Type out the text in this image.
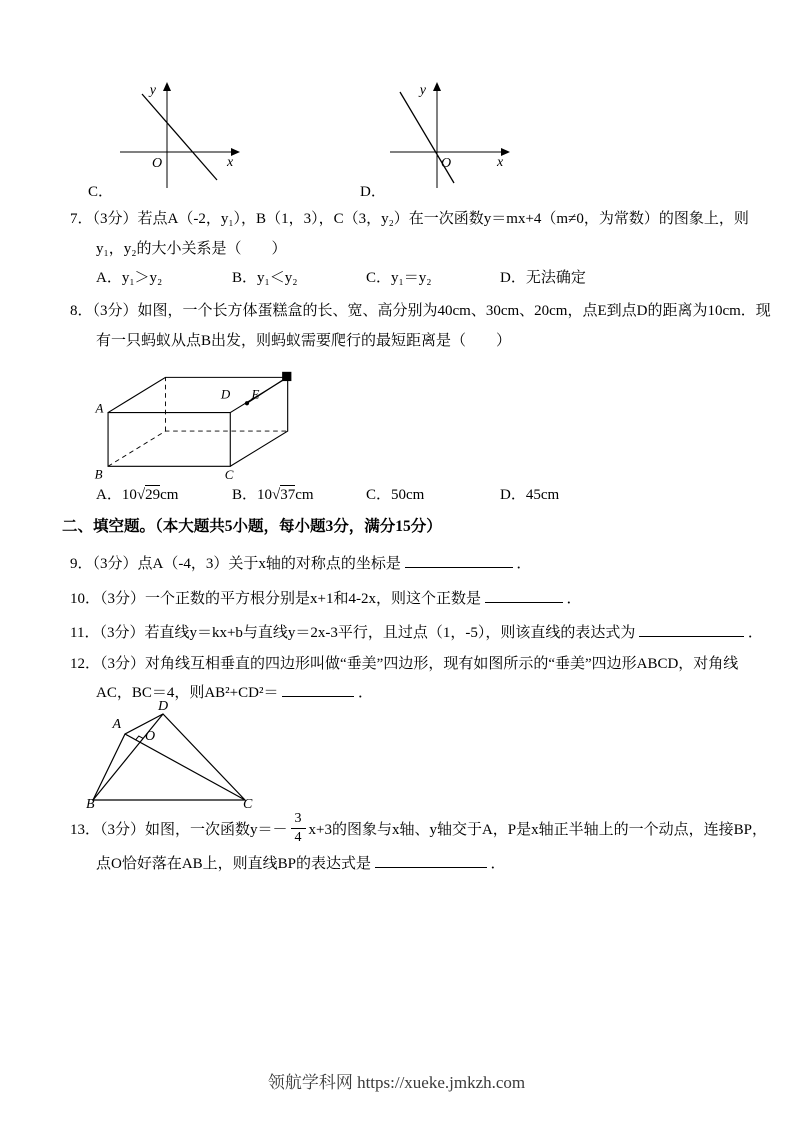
y
x
O
C．
y
x
O
D．
7．（3分）若点A（-2，y₁），B（1，3），C（3，y₂）在一次函数y＝mx+4（m≠0，为常数）的图象上，则
y₁，y₂的大小关系是（　　）
A．y₁＞y₂	B．y₁＜y₂	C．y₁＝y₂	D．无法确定
8．（3分）如图，一个长方体蛋糕盒的长、宽、高分别为40cm、30cm、20cm，点E到点D的距离为10cm．现
有一只蚂蚁从点B出发，则蚂蚁需要爬行的最短距离是（　　）
A
B	C
D E
A．10√29cm	B．10√37cm	C．50cm	D．45cm
二、填空题。（本大题共5小题，每小题3分，满分15分）
9．（3分）点A（-4，3）关于x轴的对称点的坐标是	．
10．（3分）一个正数的平方根分别是x+1和4-2x，则这个正数是	．
11．（3分）若直线y＝kx+b与直线y＝2x-3平行，且过点（1，-5），则该直线的表达式为	．
12．（3分）对角线互相垂直的四边形叫做“垂美”四边形，现有如图所示的“垂美”四边形ABCD，对角线
AC，BC＝4，则AB²+CD²＝	．
A
B	C
D
O
13．（3分）如图，一次函数$y=- \frac{3}{4} x+3$的图象与x轴、y轴交于A，P是x轴正半轴上的一个动点，连接BP，
点O恰好落在AB上，则直线BP的表达式是	．
领航学科网 https://xueke.jmkzh.com
